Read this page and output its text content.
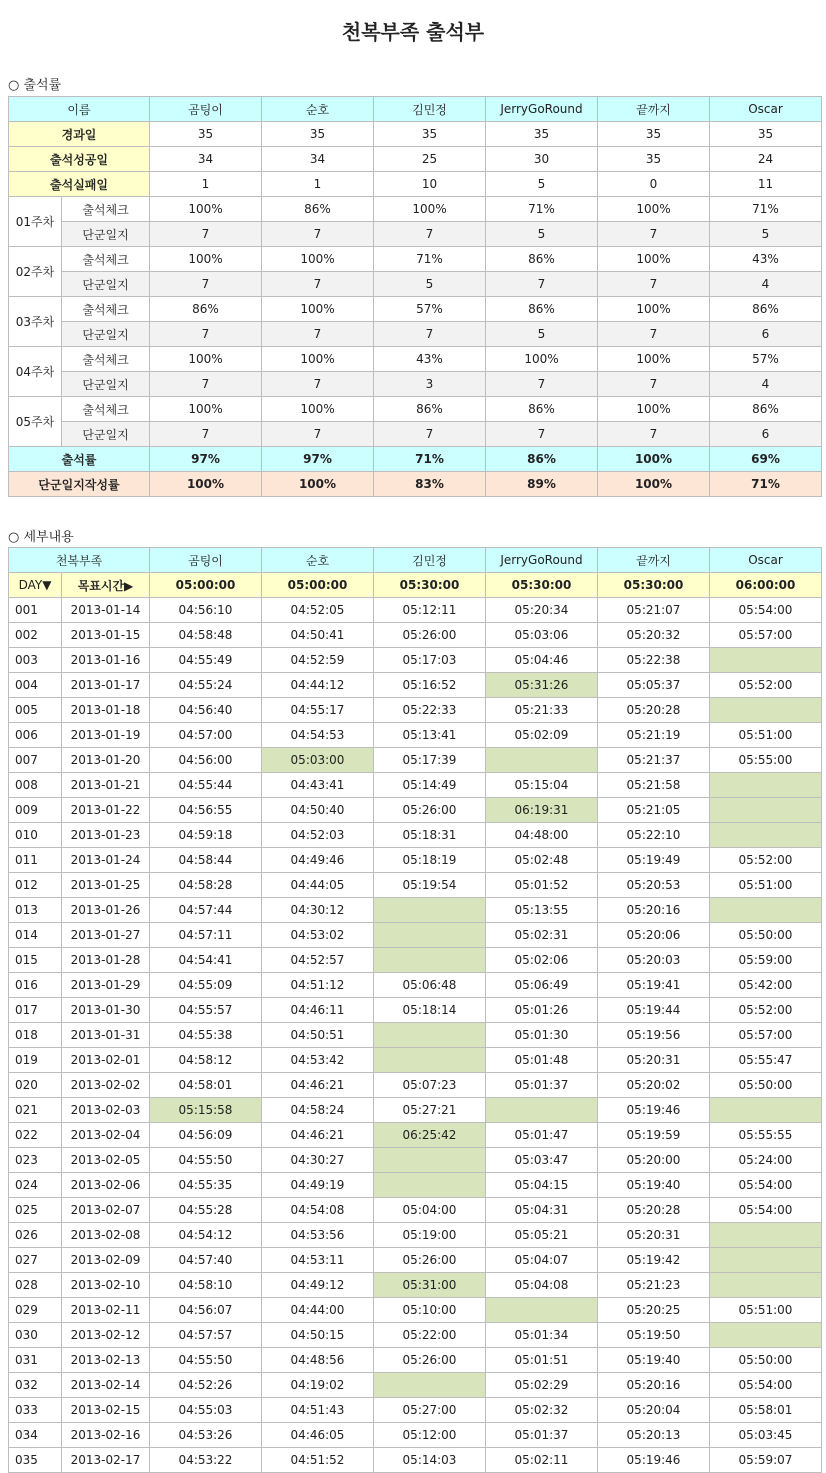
천복부족 출석부
○ 출석률
이름		곰팅이	순호	김민정	JerryGoRound	끝까지	Oscar
경과일		35	35	35	35	35	35
출석성공일		34	34	25	30	35	24
출석실패일		1	1	10	5	0	11
01주차	출석체크	100%	86%	100%	71%	100%	71%
	단군일지	7	7	7	5	7	5
02주차	출석체크	100%	100%	71%	86%	100%	43%
	단군일지	7	7	5	7	7	4
03주차	출석체크	86%	100%	57%	86%	100%	86%
	단군일지	7	7	7	5	7	6
04주차	출석체크	100%	100%	43%	100%	100%	57%
	단군일지	7	7	3	7	7	4
05주차	출석체크	100%	100%	86%	86%	100%	86%
	단군일지	7	7	7	7	7	6
출석률		97%	97%	71%	86%	100%	69%
단군일지작성률		100%	100%	83%	89%	100%	71%
○ 세부내용
천복부족		곰팅이	순호	김민정	JerryGoRound	끝까지	Oscar
DAY▼	목표시간▶	05:00:00	05:00:00	05:30:00	05:30:00	05:30:00	06:00:00
001	2013-01-14	04:56:10	04:52:05	05:12:11	05:20:34	05:21:07	05:54:00
002	2013-01-15	04:58:48	04:50:41	05:26:00	05:03:06	05:20:32	05:57:00
003	2013-01-16	04:55:49	04:52:59	05:17:03	05:04:46	05:22:38	
004	2013-01-17	04:55:24	04:44:12	05:16:52	05:31:26	05:05:37	05:52:00
005	2013-01-18	04:56:40	04:55:17	05:22:33	05:21:33	05:20:28	
006	2013-01-19	04:57:00	04:54:53	05:13:41	05:02:09	05:21:19	05:51:00
007	2013-01-20	04:56:00	05:03:00	05:17:39		05:21:37	05:55:00
008	2013-01-21	04:55:44	04:43:41	05:14:49	05:15:04	05:21:58	
009	2013-01-22	04:56:55	04:50:40	05:26:00	06:19:31	05:21:05	
010	2013-01-23	04:59:18	04:52:03	05:18:31	04:48:00	05:22:10	
011	2013-01-24	04:58:44	04:49:46	05:18:19	05:02:48	05:19:49	05:52:00
012	2013-01-25	04:58:28	04:44:05	05:19:54	05:01:52	05:20:53	05:51:00
013	2013-01-26	04:57:44	04:30:12		05:13:55	05:20:16	
014	2013-01-27	04:57:11	04:53:02		05:02:31	05:20:06	05:50:00
015	2013-01-28	04:54:41	04:52:57		05:02:06	05:20:03	05:59:00
016	2013-01-29	04:55:09	04:51:12	05:06:48	05:06:49	05:19:41	05:42:00
017	2013-01-30	04:55:57	04:46:11	05:18:14	05:01:26	05:19:44	05:52:00
018	2013-01-31	04:55:38	04:50:51		05:01:30	05:19:56	05:57:00
019	2013-02-01	04:58:12	04:53:42		05:01:48	05:20:31	05:55:47
020	2013-02-02	04:58:01	04:46:21	05:07:23	05:01:37	05:20:02	05:50:00
021	2013-02-03	05:15:58	04:58:24	05:27:21		05:19:46	
022	2013-02-04	04:56:09	04:46:21	06:25:42	05:01:47	05:19:59	05:55:55
023	2013-02-05	04:55:50	04:30:27		05:03:47	05:20:00	05:24:00
024	2013-02-06	04:55:35	04:49:19		05:04:15	05:19:40	05:54:00
025	2013-02-07	04:55:28	04:54:08	05:04:00	05:04:31	05:20:28	05:54:00
026	2013-02-08	04:54:12	04:53:56	05:19:00	05:05:21	05:20:31	
027	2013-02-09	04:57:40	04:53:11	05:26:00	05:04:07	05:19:42	
028	2013-02-10	04:58:10	04:49:12	05:31:00	05:04:08	05:21:23	
029	2013-02-11	04:56:07	04:44:00	05:10:00		05:20:25	05:51:00
030	2013-02-12	04:57:57	04:50:15	05:22:00	05:01:34	05:19:50	
031	2013-02-13	04:55:50	04:48:56	05:26:00	05:01:51	05:19:40	05:50:00
032	2013-02-14	04:52:26	04:19:02		05:02:29	05:20:16	05:54:00
033	2013-02-15	04:55:03	04:51:43	05:27:00	05:02:32	05:20:04	05:58:01
034	2013-02-16	04:53:26	04:46:05	05:12:00	05:01:37	05:20:13	05:03:45
035	2013-02-17	04:53:22	04:51:52	05:14:03	05:02:11	05:19:46	05:59:07
